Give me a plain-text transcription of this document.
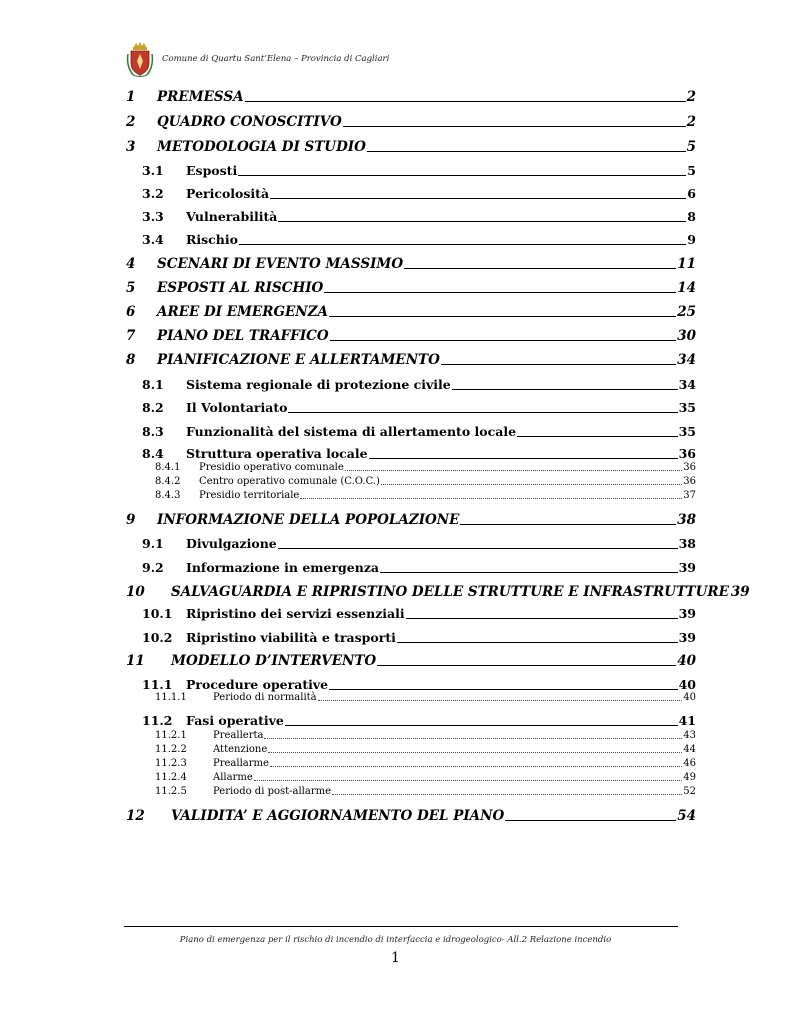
Comune di Quartu Sant’Elena – Provincia di Cagliari
1	PREMESSA	2
2	QUADRO CONOSCITIVO	2
3	METODOLOGIA DI STUDIO	5
3.1	Esposti	5
3.2	Pericolosità	6
3.3	Vulnerabilità	8
3.4	Rischio	9
4	SCENARI DI EVENTO MASSIMO	11
5	ESPOSTI AL RISCHIO	14
6	AREE DI EMERGENZA	25
7	PIANO DEL TRAFFICO	30
8	PIANIFICAZIONE E ALLERTAMENTO	34
8.1	Sistema regionale di protezione civile	34
8.2	Il Volontariato	35
8.3	Funzionalità del sistema di allertamento locale	35
8.4	Struttura operativa locale	36
8.4.1	Presidio operativo comunale	36
8.4.2	Centro operativo comunale (C.O.C.)	36
8.4.3	Presidio territoriale	37
9	INFORMAZIONE DELLA POPOLAZIONE	38
9.1	Divulgazione	38
9.2	Informazione in emergenza	39
10	SALVAGUARDIA E RIPRISTINO DELLE STRUTTURE E INFRASTRUTTURE 39
10.1	Ripristino dei servizi essenziali	39
10.2	Ripristino viabilità e trasporti	39
11	MODELLO D’INTERVENTO	40
11.1	Procedure operative	40
11.1.1	Periodo di normalità	40
11.2	Fasi operative	41
11.2.1	Preallerta	43
11.2.2	Attenzione	44
11.2.3	Preallarme	46
11.2.4	Allarme	49
11.2.5	Periodo di post-allarme	52
12	VALIDITA’ E AGGIORNAMENTO DEL PIANO	54
Piano di emergenza per il rischio di incendio di interfaccia e idrogeologico- All.2 Relazione incendio
1
